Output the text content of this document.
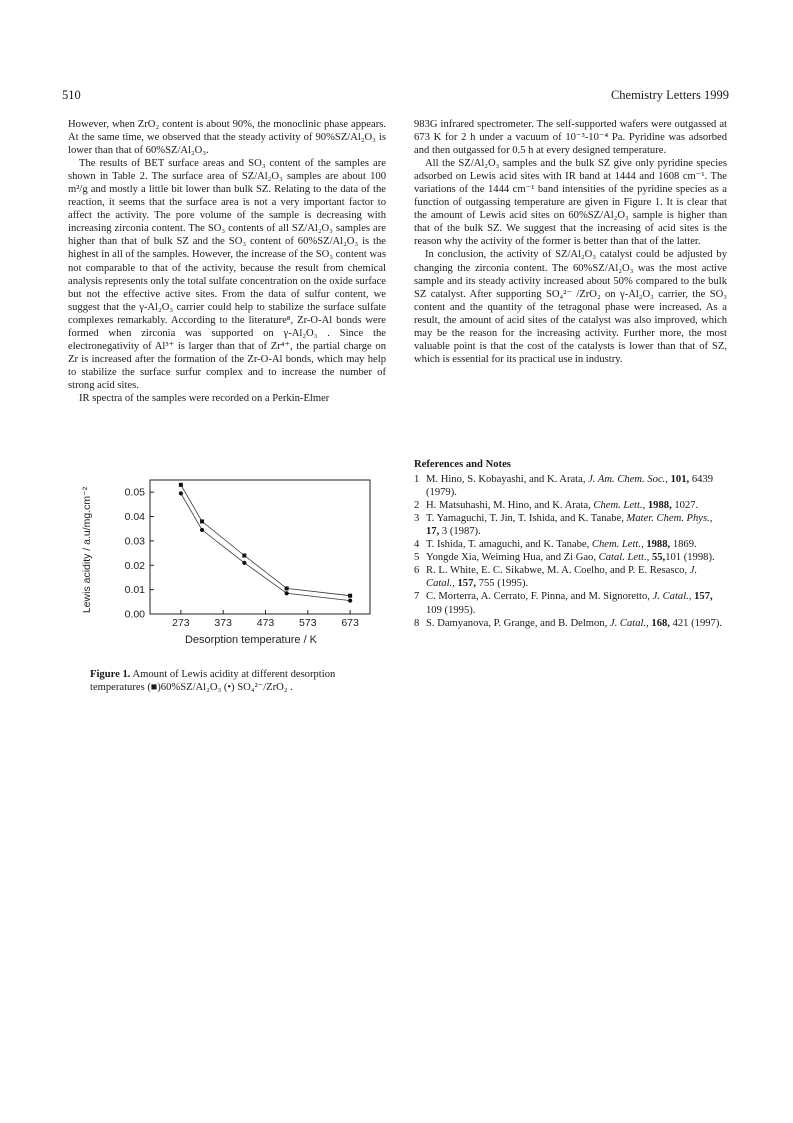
510	Chemistry Letters 1999

However, when ZrO₂ content is about 90%, the monoclinic phase appears. At the same time, we observed that the steady activity of 90%SZ/Al₂O₃ is lower than that of 60%SZ/Al₂O₃.

The results of BET surface areas and SO₃ content of the samples are shown in Table 2. The surface area of SZ/Al₂O₃ samples are about 100 m²/g and mostly a little bit lower than bulk SZ. Relating to the data of the reaction, it seems that the surface area is not a very important factor to affect the activity. The pore volume of the sample is decreasing with increasing zirconia content. The SO₃ contents of all SZ/Al₂O₃ samples are higher than that of bulk SZ and the SO₃ content of 60%SZ/Al₂O₃ is the highest in all of the samples. However, the increase of the SO₃ content was not comparable to that of the activity, because the result from chemical analysis represents only the total sulfate concentration on the oxide surface but not the effective active sites. From the data of sulfur content, we suggest that the γ-Al₂O₃ carrier could help to stabilize the surface sulfate complexes remarkably. According to the literature⁸, Zr-O-Al bonds were formed when zirconia was supported on γ-Al₂O₃ . Since the electronegativity of Al³⁺ is larger than that of Zr⁴⁺, the partial charge on Zr is increased after the formation of the Zr-O-Al bonds, which may help to stabilize the surface surfur complex and to increase the number of strong acid sites.

IR spectra of the samples were recorded on a Perkin-Elmer

983G infrared spectrometer. The self-supported wafers were outgassed at 673 K for 2 h under a vacuum of 10⁻³-10⁻⁴ Pa. Pyridine was adsorbed and then outgassed for 0.5 h at every designed temperature.

All the SZ/Al₂O₃ samples and the bulk SZ give only pyridine species adsorbed on Lewis acid sites with IR band at 1444 and 1608 cm⁻¹. The variations of the 1444 cm⁻¹ band intensities of the pyridine species as a function of outgassing temperature are given in Figure 1. It is clear that the amount of Lewis acid sites on 60%SZ/Al₂O₃ sample is higher than that of the bulk SZ. We suggest that the increasing of acid sites is the reason why the activity of the former is better than that of the latter.

In conclusion, the activity of SZ/Al₂O₃ catalyst could be adjusted by changing the zirconia content. The 60%SZ/Al₂O₃ was the most active sample and its steady activity increased about 50% compared to the bulk SZ catalyst. After supporting SO₄²⁻ /ZrO₂ on γ-Al₂O₃ carrier, the SO₃ content and the quantity of the tetragonal phase were increased. As a result, the amount of acid sites of the catalyst was also improved, which may be the reason for the increasing activity. Further more, the most valuable point is that the cost of the catalysts is lower than that of SZ, which is essential for its practical use in industry.

0.00
0.01
0.02
0.03
0.04
0.05
273 373 473 573 673
Desorption temperature / K
Lewis acidity / a.u/mg.cm⁻²
Figure 1. Amount of Lewis acidity at different desorption temperatures (■)60%SZ/Al₂O₃ (•) SO₄²⁻/ZrO₂ .

References and Notes

1 M. Hino, S. Kobayashi, and K. Arata, J. Am. Chem. Soc., 101, 6439 (1979).
2 H. Matsuhashi, M. Hino, and K. Arata, Chem. Lett., 1988, 1027.
3 T. Yamaguchi, T. Jin, T. Ishida, and K. Tanabe, Mater. Chem. Phys., 17, 3 (1987).
4 T. Ishida, T. amaguchi, and K. Tanabe, Chem. Lett., 1988, 1869.
5 Yongde Xia, Weiming Hua, and Zi Gao, Catal. Lett., 55,101 (1998).
6 R. L. White, E. C. Sikabwe, M. A. Coelho, and P. E. Resasco, J. Catal., 157, 755 (1995).
7 C. Morterra, A. Cerrato, F. Pinna, and M. Signoretto, J. Catal., 157, 109 (1995).
8 S. Damyanova, P. Grange, and B. Delmon, J. Catal., 168, 421 (1997).
